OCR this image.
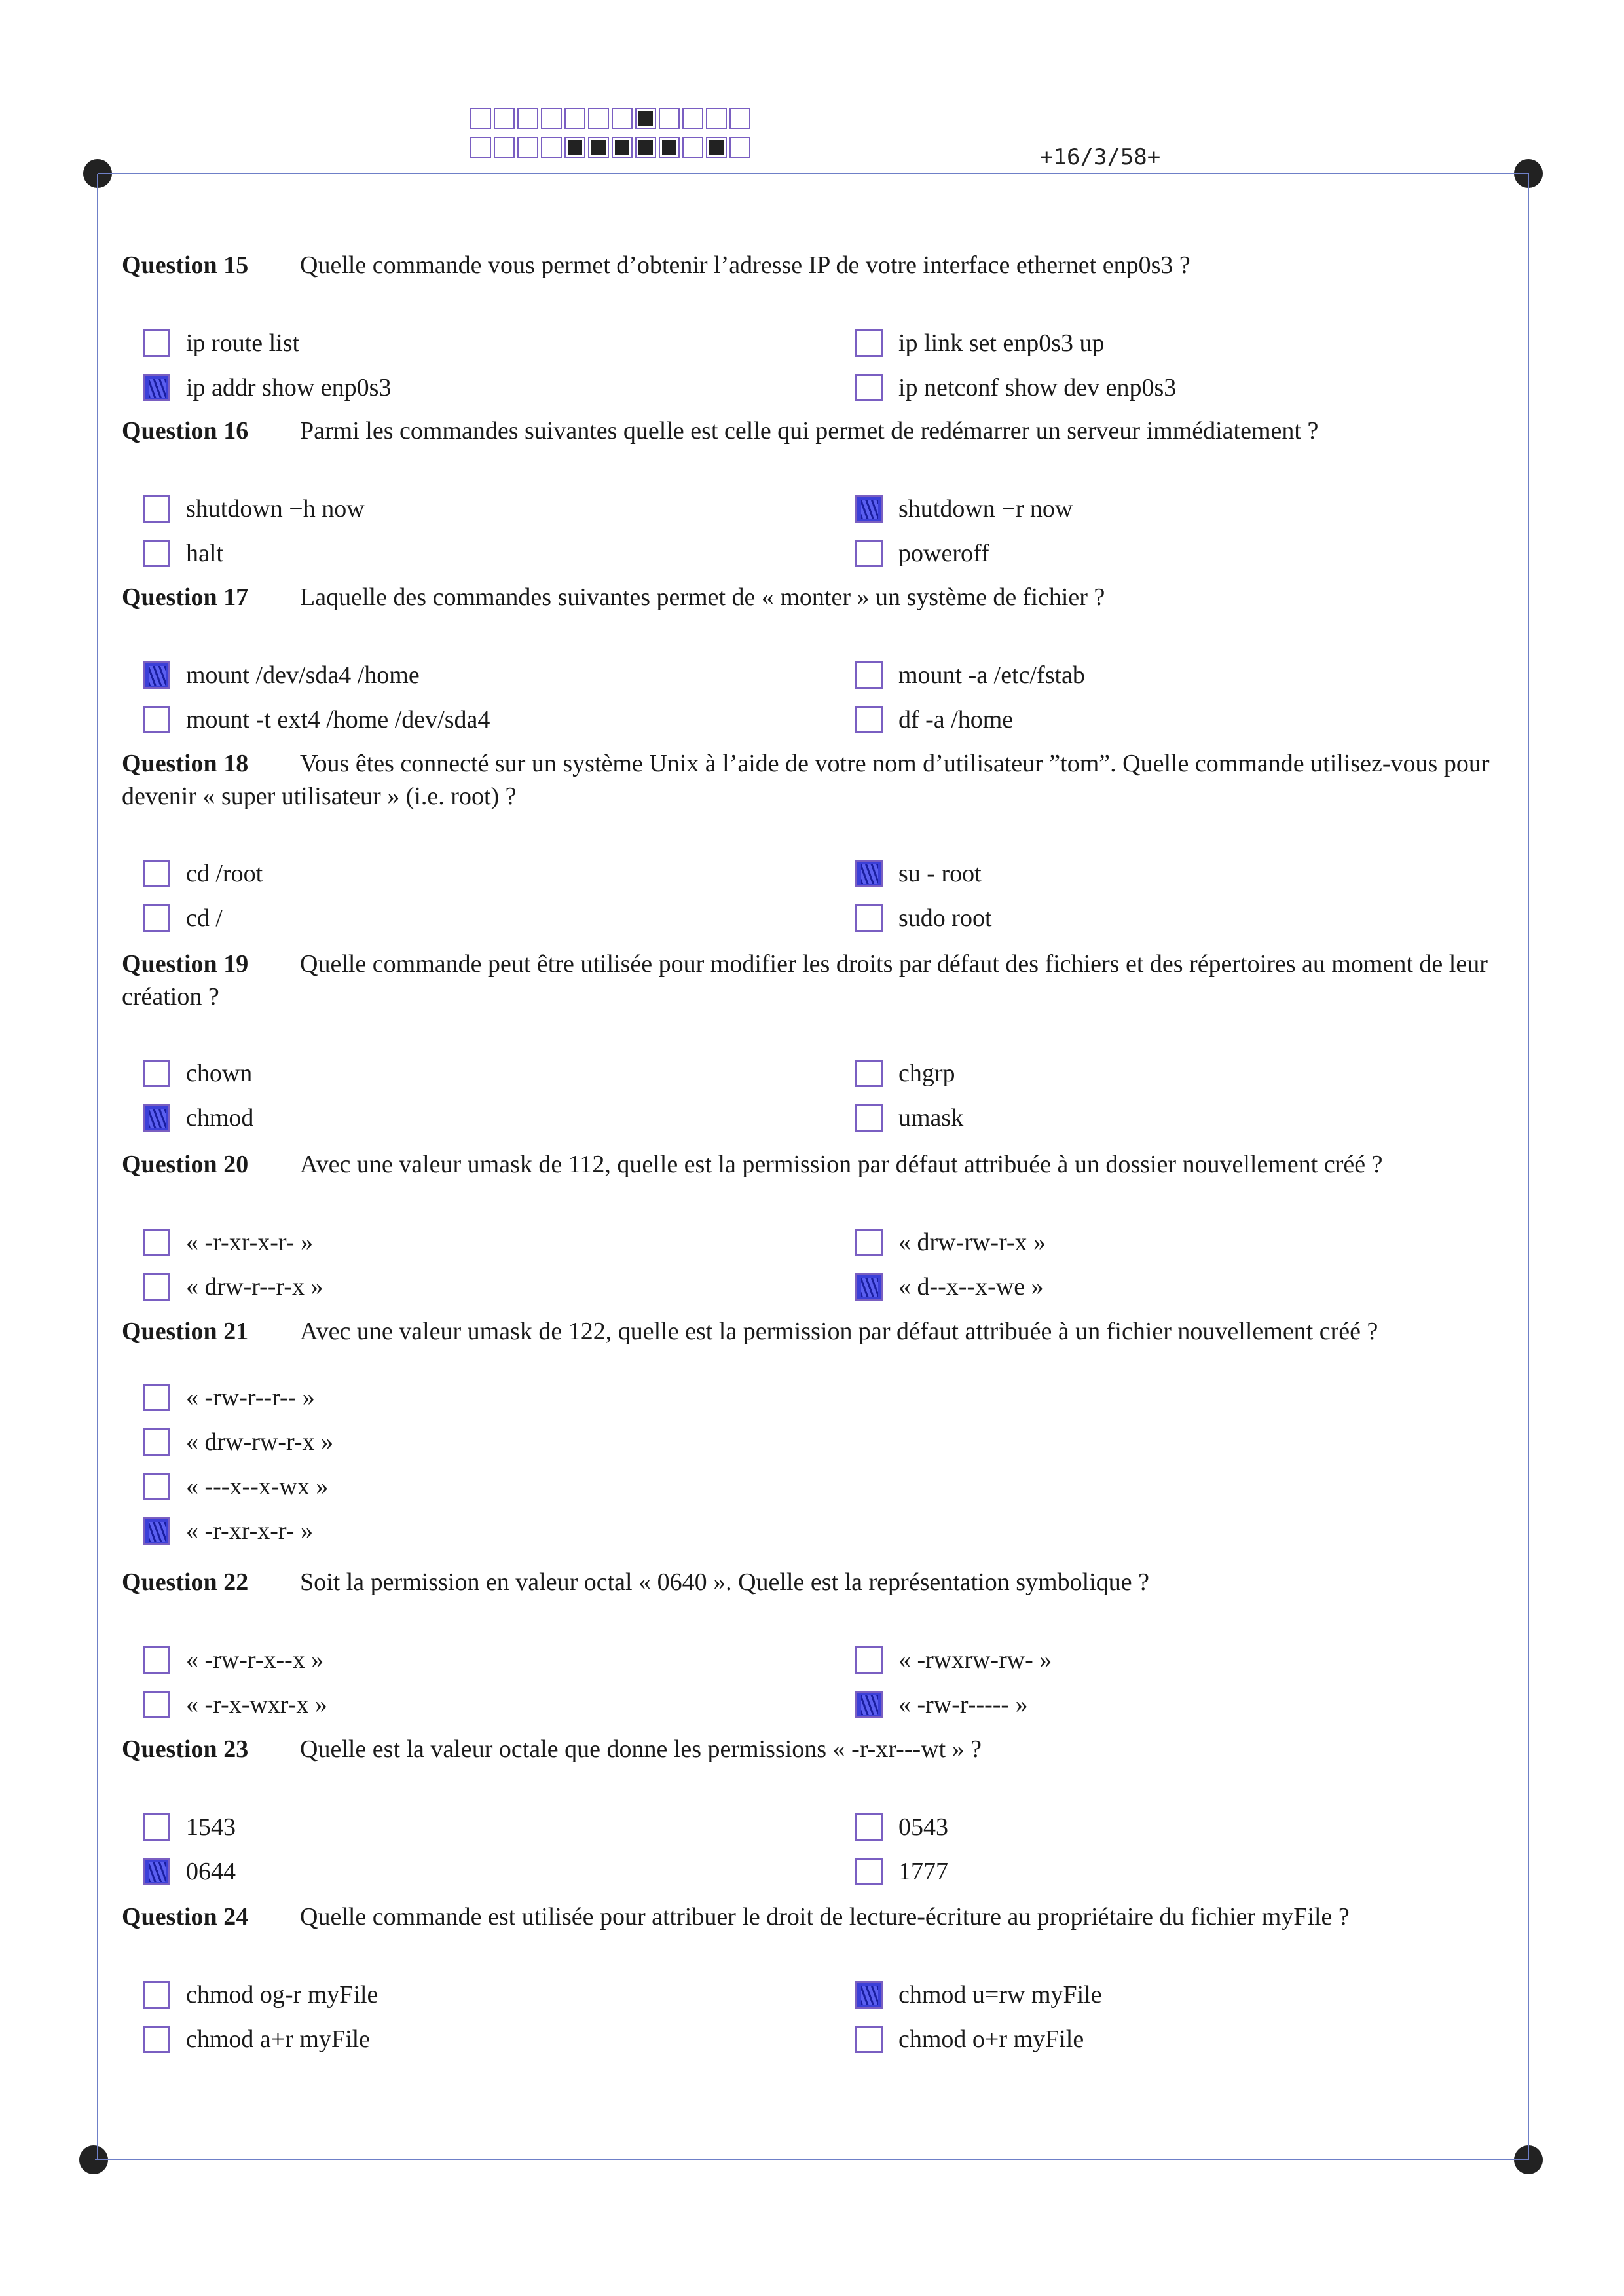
+16/3/58+
Question 15 Quelle commande vous permet d’obtenir l’adresse IP de votre interface ethernet enp0s3 ?
ip route list
ip addr show enp0s3
ip link set enp0s3 up
ip netconf show dev enp0s3
Question 16 Parmi les commandes suivantes quelle est celle qui permet de redémarrer un serveur immédiatement ?
shutdown −h now
halt
shutdown −r now
poweroff
Question 17 Laquelle des commandes suivantes permet de « monter » un système de fichier ?
mount /dev/sda4 /home
mount -t ext4 /home /dev/sda4
mount -a /etc/fstab
df -a /home
Question 18 Vous êtes connecté sur un système Unix à l’aide de votre nom d’utilisateur ”tom”. Quelle commande utilisez-vous pour devenir « super utilisateur » (i.e. root) ?
cd /root
cd /
su - root
sudo root
Question 19 Quelle commande peut être utilisée pour modifier les droits par défaut des fichiers et des répertoires au moment de leur création ?
chown
chmod
chgrp
umask
Question 20 Avec une valeur umask de 112, quelle est la permission par défaut attribuée à un dossier nouvellement créé ?
« -r-xr-x-r- »
« drw-r--r-x »
« drw-rw-r-x »
« d--x--x-we »
Question 21 Avec une valeur umask de 122, quelle est la permission par défaut attribuée à un fichier nouvellement créé ?
« -rw-r--r-- »
« drw-rw-r-x »
« ---x--x-wx »
« -r-xr-x-r- »
Question 22 Soit la permission en valeur octal « 0640 ». Quelle est la représentation symbolique ?
« -rw-r-x--x »
« -r-x-wxr-x »
« -rwxrw-rw- »
« -rw-r----- »
Question 23 Quelle est la valeur octale que donne les permissions « -r-xr---wt » ?
1543
0644
0543
1777
Question 24 Quelle commande est utilisée pour attribuer le droit de lecture-écriture au propriétaire du fichier myFile ?
chmod og-r myFile
chmod a+r myFile
chmod u=rw myFile
chmod o+r myFile
